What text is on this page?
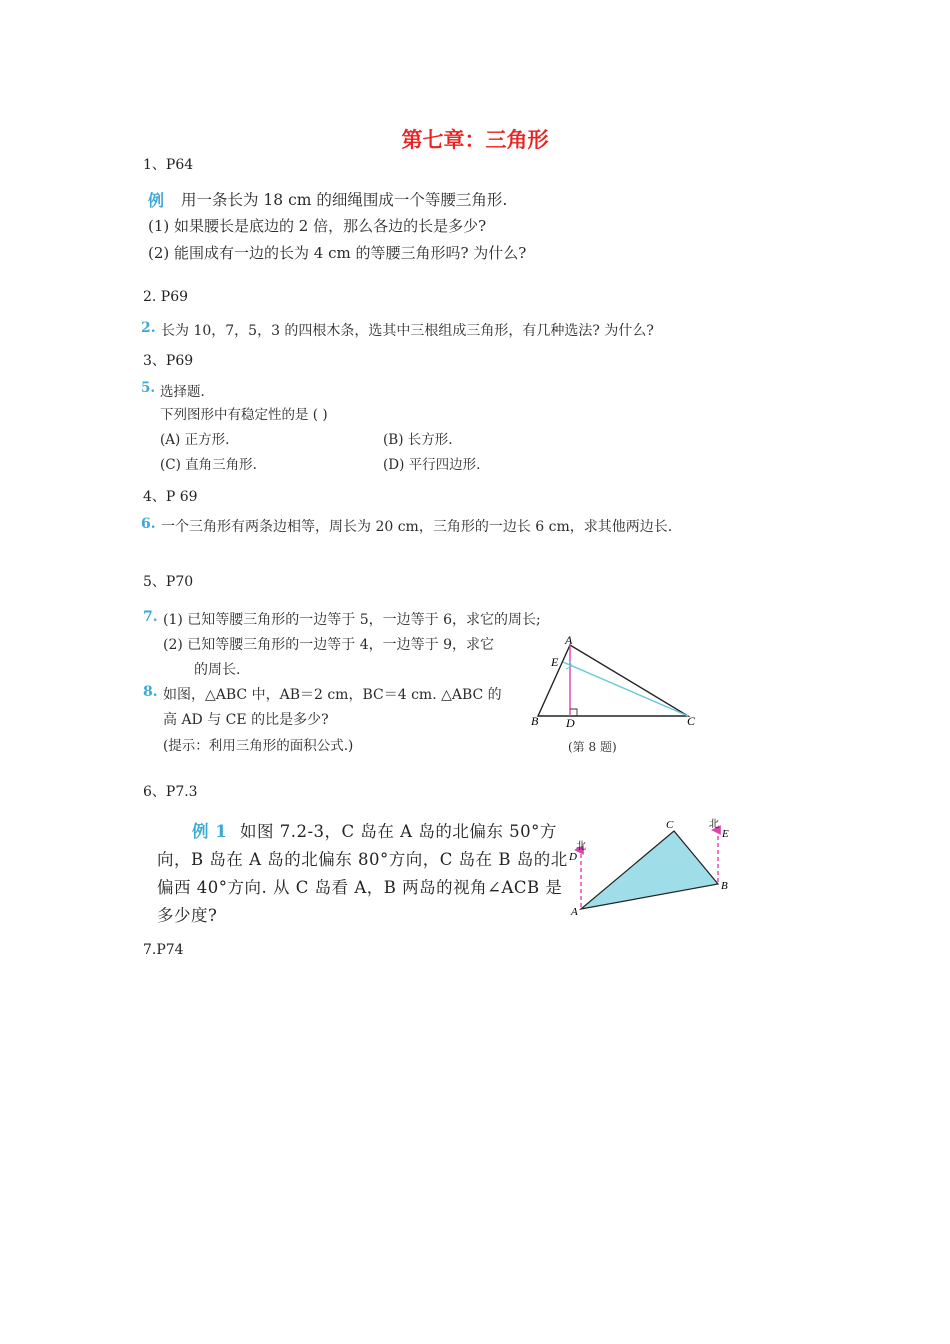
第七章：三角形
1、P64
例 用一条长为 18 cm 的细绳围成一个等腰三角形.
(1) 如果腰长是底边的 2 倍，那么各边的长是多少?
(2) 能围成有一边的长为 4 cm 的等腰三角形吗? 为什么?
2. P69
2. 长为 10，7，5，3 的四根木条，选其中三根组成三角形，有几种选法? 为什么?
3、P69
5. 选择题.
下列图形中有稳定性的是 ( )
(A) 正方形.	(B) 长方形.
(C) 直角三角形.	(D) 平行四边形.
4、P 69
6. 一个三角形有两条边相等，周长为 20 cm，三角形的一边长 6 cm，求其他两边长.
5、P70
7. (1) 已知等腰三角形的一边等于 5，一边等于 6，求它的周长;
(2) 已知等腰三角形的一边等于 4，一边等于 9，求它
的周长.
8. 如图，△ABC 中，AB＝2 cm，BC＝4 cm. △ABC 的
高 AD 与 CE 的比是多少?
(提示：利用三角形的面积公式.)
A
B	C
D
E
(第 8 题)
6、P7.3
例 1 如图 7.2-3，C 岛在 A 岛的北偏东 50°方
向，B 岛在 A 岛的北偏东 80°方向，C 岛在 B 岛的北
偏西 40°方向. 从 C 岛看 A，B 两岛的视角∠ACB 是
多少度?
C
A
B
D
E
北
北
7.P74
